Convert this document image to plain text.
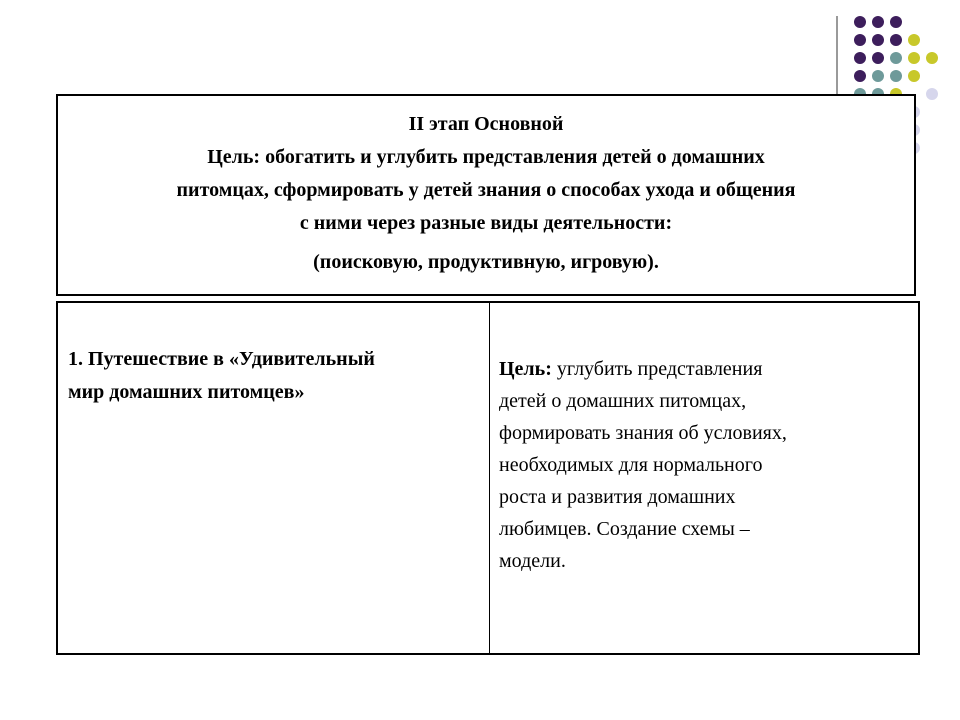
II этап Основной
Цель: обогатить и углубить представления детей о домашних
питомцах, сформировать у детей знания о способах ухода и общения
с ними через разные виды деятельности:
(поисковую, продуктивную, игровую).
1. Путешествие в «Удивительный
мир домашних питомцев»
Цель: углубить представления
детей о домашних питомцах,
формировать знания об условиях,
необходимых для нормального
роста и развития домашних
любимцев. Создание схемы –
модели.
